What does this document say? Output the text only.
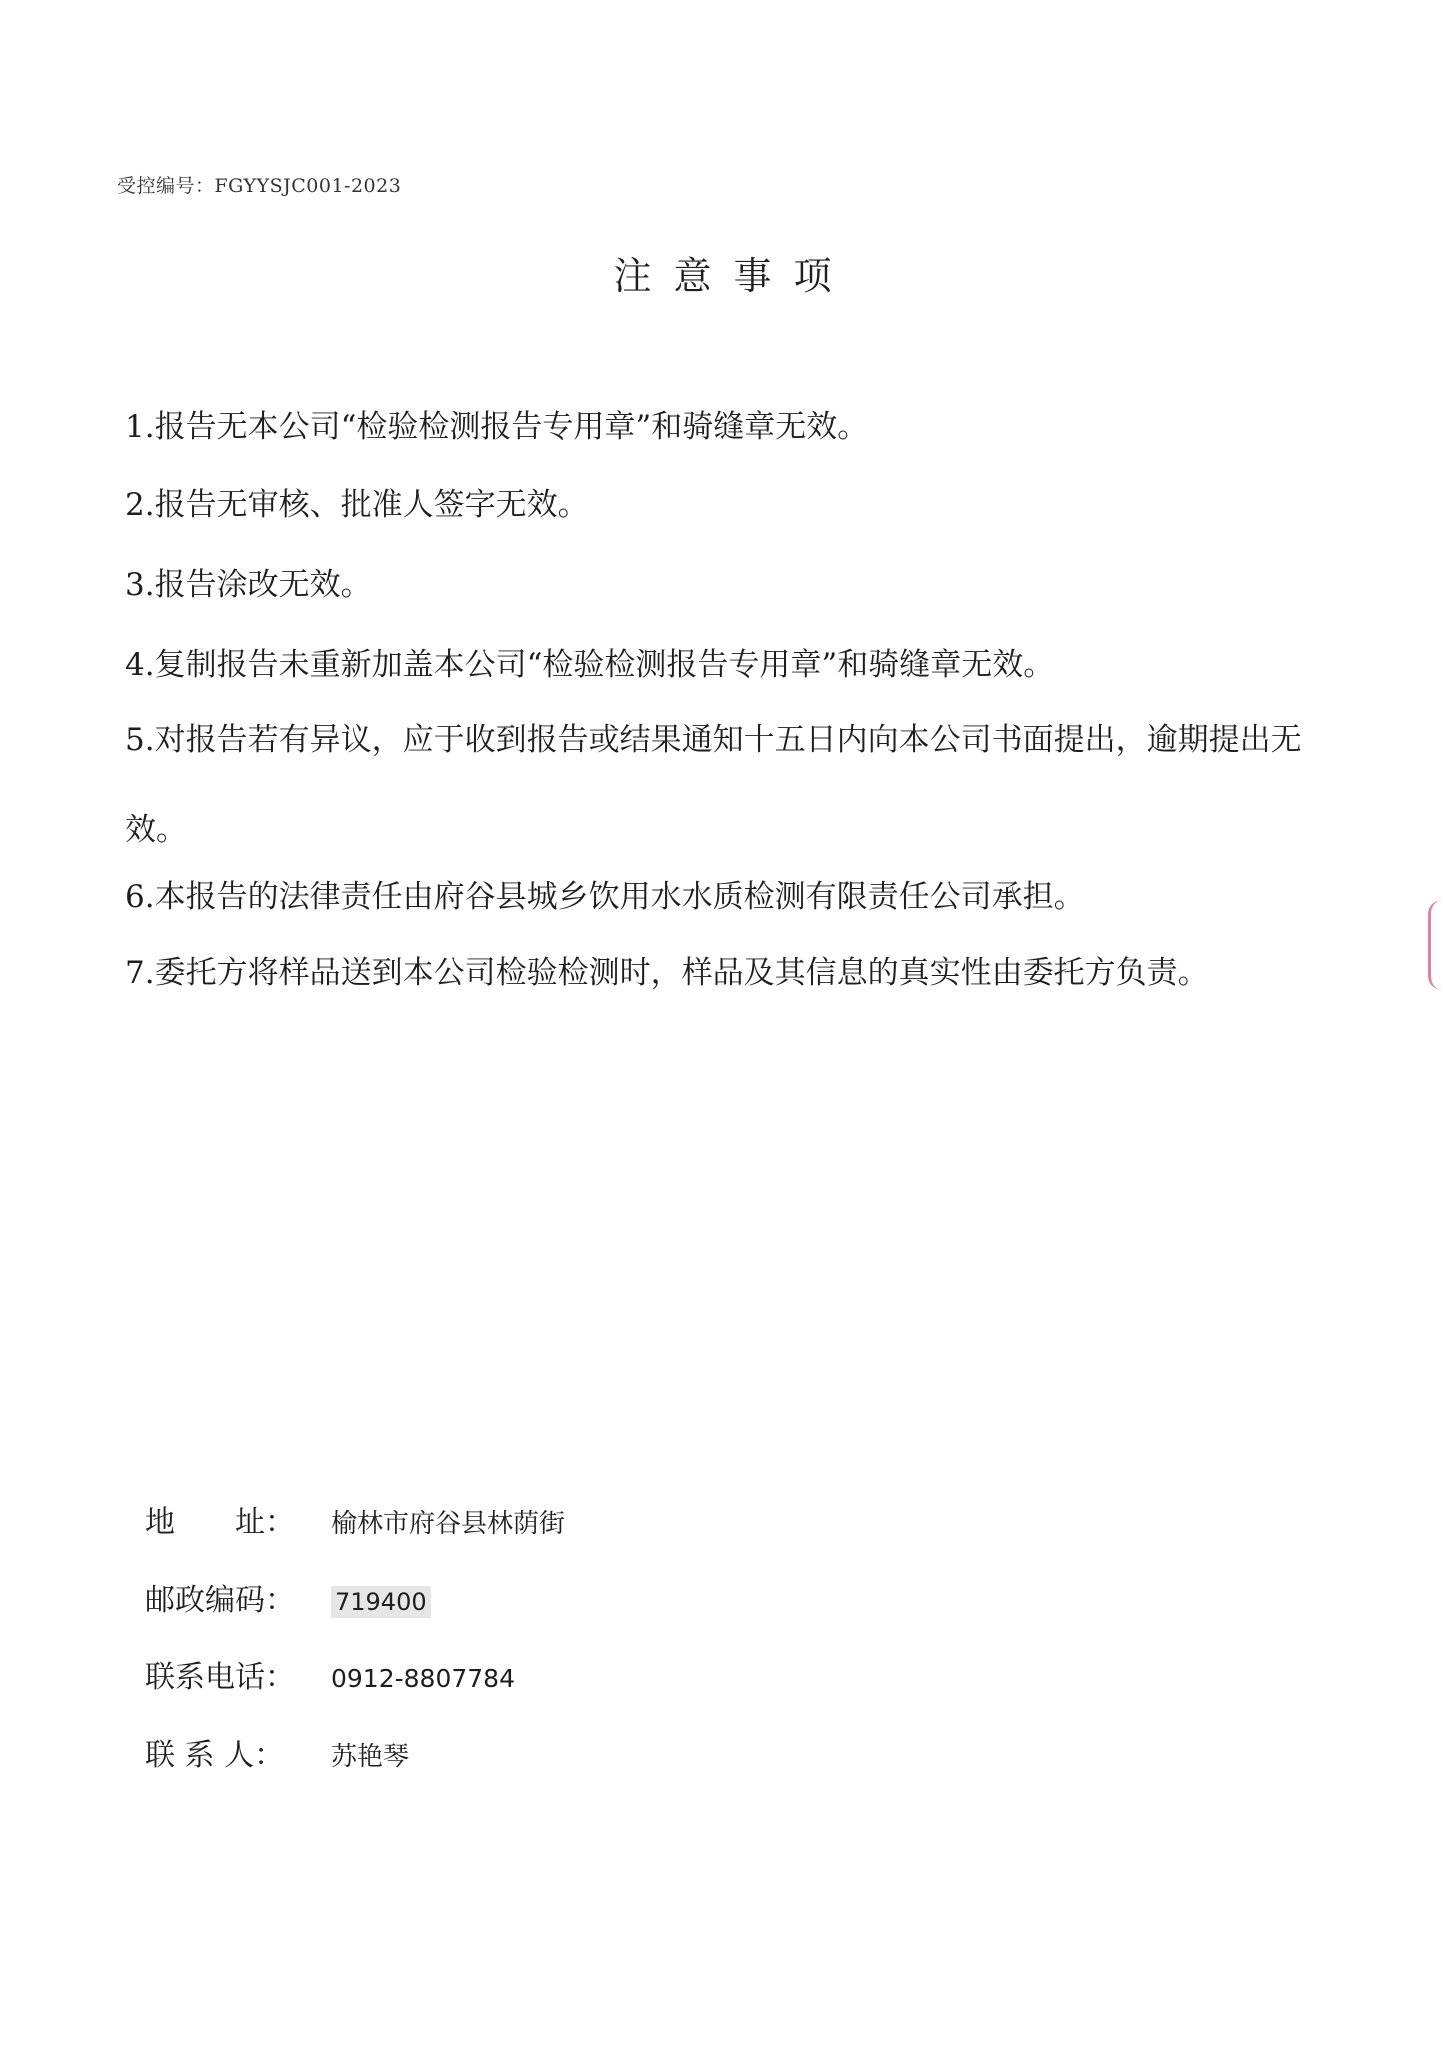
受控编号：FGYYSJC001-2023
注意事项
1.报告无本公司“检验检测报告专用章”和骑缝章无效。
2.报告无审核、批准人签字无效。
3.报告涂改无效。
4.复制报告未重新加盖本公司“检验检测报告专用章”和骑缝章无效。
5.对报告若有异议，应于收到报告或结果通知十五日内向本公司书面提出，逾期提出无效。
6.本报告的法律责任由府谷县城乡饮用水水质检测有限责任公司承担。
7.委托方将样品送到本公司检验检测时，样品及其信息的真实性由委托方负责。
地　　址： 榆林市府谷县林荫街
邮政编码： 719400
联系电话： 0912-8807784
联 系 人： 苏艳琴
